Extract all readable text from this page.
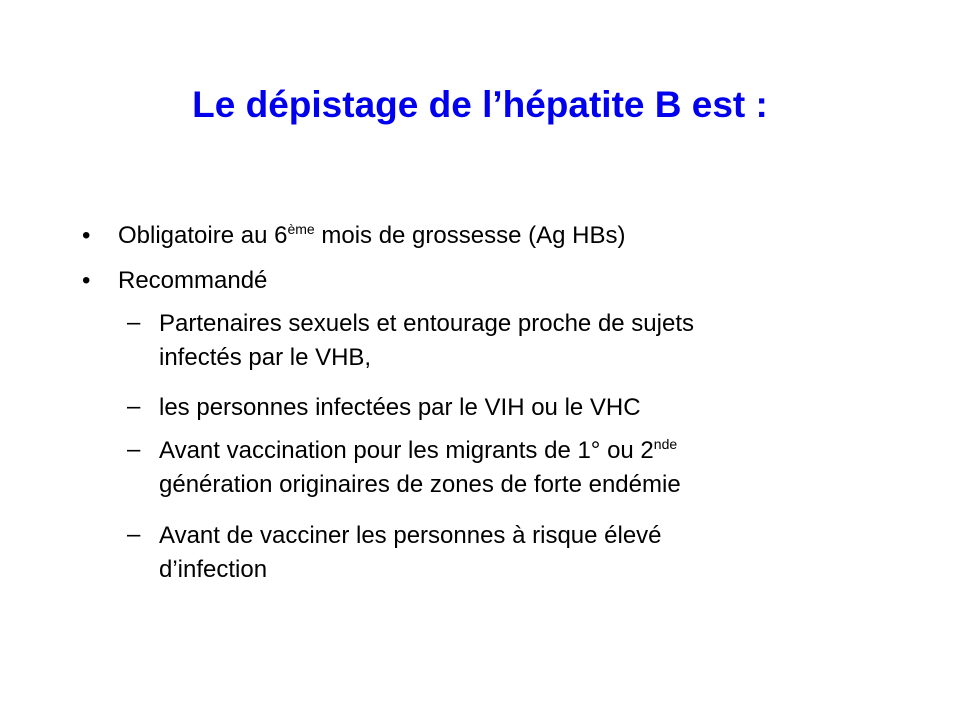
Le dépistage de l’hépatite B est :
•	Obligatoire au 6ème mois de grossesse (Ag HBs)
•	Recommandé
– Partenaires sexuels et entourage proche de sujets
infectés par le VHB,
– les personnes infectées par le VIH ou le VHC
– Avant vaccination pour les migrants de 1° ou 2nde
génération originaires de zones de forte endémie
– Avant de vacciner les personnes à risque élevé
d’infection
